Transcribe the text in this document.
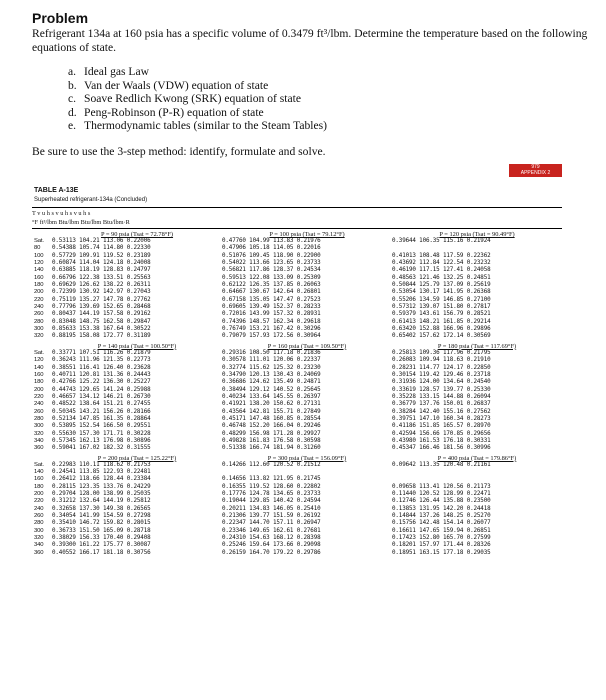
Problem

Refrigerant 134a at 160 psia has a specific volume of 0.3479 ft³/lbm. Determine the temperature based on the following equations of state.

a. Ideal gas Law
b. Van der Waals (VDW) equation of state
c. Soave Redlich Kwong (SRK) equation of state
d. Peng-Robinson (P-R) equation of state
e. Thermodynamic tables (similar to the Steam Tables)

Be sure to use the 3-step method: identify, formulate and solve.

979
APPENDIX 2
TABLE A-13E
Superheated refrigerant-134a (Concluded)
T v u h s v u h s v u h s
°F ft³/lbm Btu/lbm Btu/lbm Btu/lbm·R
P = 90 psia (Tsat = 72.78°F)	P = 100 psia (Tsat = 79.12°F)	P = 120 psia (Tsat = 90.49°F)
Sat.	0.53113 104.21 113.06 0.22006	0.47760 104.99 113.83 0.21976	0.39644 106.35 115.16 0.21924
80	0.54388 105.74 114.80 0.22330	0.47906 105.18 114.05 0.22016
100	0.57729 109.91 119.52 0.23189	0.51076 109.45 118.90 0.22900	0.41013 108.48 117.59 0.22362
120	0.60874 114.04 124.18 0.24008	0.54022 113.66 123.65 0.23733	0.43692 112.84 122.54 0.23232
140	0.63885 118.19 128.83 0.24797	0.56821 117.86 128.37 0.24534	0.46190 117.15 127.41 0.24058
160	0.66796 122.38 133.51 0.25563	0.59513 122.08 133.09 0.25309	0.48563 121.46 132.25 0.24851
180	0.69629 126.62 138.22 0.26311	0.62122 126.35 137.85 0.26063	0.50844 125.79 137.09 0.25619
200	0.72399 130.92 142.97 0.27043	0.64667 130.67 142.64 0.26801	0.53054 130.17 141.95 0.26368
220	0.75119 135.27 147.78 0.27762	0.67158 135.05 147.47 0.27523	0.55206 134.59 146.85 0.27100
240	0.77796 139.69 152.65 0.28468	0.69605 139.49 152.37 0.28233	0.57312 139.07 151.80 0.27817
260	0.80437 144.19 157.58 0.29162	0.72016 143.99 157.32 0.28931	0.59379 143.61 156.79 0.28521
280	0.83048 148.75 162.58 0.29847	0.74396 148.57 162.34 0.29618	0.61413 148.21 161.85 0.29214
300	0.85633 153.38 167.64 0.30522	0.76749 153.21 167.42 0.30296	0.63420 152.88 166.96 0.29896
320	0.88195 158.08 172.77 0.31189	0.79079 157.93 172.56 0.30964	0.65402 157.62 172.14 0.30569
P = 140 psia (Tsat = 100.50°F)	P = 160 psia (Tsat = 109.50°F)	P = 180 psia (Tsat = 117.69°F)
Sat.	0.33771 107.51 116.26 0.21879	0.29316 108.50 117.18 0.21836	0.25813 109.36 117.96 0.21795
120	0.36243 111.96 121.35 0.22773	0.30578 111.01 120.06 0.22337	0.26083 109.94 118.63 0.21910
140	0.38551 116.41 126.40 0.23628	0.32774 115.62 125.32 0.23230	0.28231 114.77 124.17 0.22850
160	0.40711 120.81 131.36 0.24443	0.34790 120.13 130.43 0.24069	0.30154 119.42 129.46 0.23718
180	0.42766 125.22 136.30 0.25227	0.36686 124.62 135.49 0.24871	0.31936 124.00 134.64 0.24540
200	0.44743 129.65 141.24 0.25988	0.38494 129.12 140.52 0.25645	0.33619 128.57 139.77 0.25330
220	0.46657 134.12 146.21 0.26730	0.40234 133.64 145.55 0.26397	0.35228 133.15 144.88 0.26094
240	0.48522 138.64 151.21 0.27455	0.41921 138.20 150.62 0.27131	0.36779 137.76 150.01 0.26837
260	0.50345 143.21 156.26 0.28166	0.43564 142.81 155.71 0.27849	0.38284 142.40 155.16 0.27562
280	0.52134 147.85 161.35 0.28864	0.45171 147.48 160.85 0.28554	0.39751 147.10 160.34 0.28273
300	0.53895 152.54 166.50 0.29551	0.46748 152.20 166.04 0.29246	0.41186 151.85 165.57 0.28970
320	0.55630 157.30 171.71 0.30228	0.48299 156.98 171.28 0.29927	0.42594 156.66 170.85 0.29656
340	0.57345 162.13 176.98 0.30896	0.49828 161.83 176.58 0.30598	0.43980 161.53 176.18 0.30331
360	0.59041 167.02 182.32 0.31555	0.51338 166.74 181.94 0.31260	0.45347 166.46 181.56 0.30996
P = 200 psia (Tsat = 125.22°F)	P = 300 psia (Tsat = 156.09°F)	P = 400 psia (Tsat = 179.86°F)
Sat.	0.22983 110.11 118.62 0.21753	0.14266 112.60 120.52 0.21512	0.09642 113.35 120.48 0.21161
140	0.24541 113.85 122.93 0.22481
160	0.26412 118.66 128.44 0.23384	0.14656 113.82 121.95 0.21745
180	0.28115 123.35 133.76 0.24229	0.16355 119.52 128.60 0.22802	0.09658 113.41 120.56 0.21173
200	0.29704 128.00 138.99 0.25035	0.17776 124.78 134.65 0.23733	0.11440 120.52 128.99 0.22471
220	0.31212 132.64 144.19 0.25812	0.19044 129.85 140.42 0.24594	0.12746 126.44 135.88 0.23500
240	0.32658 137.30 149.38 0.26565	0.20211 134.83 146.05 0.25410	0.13853 131.95 142.20 0.24418
260	0.34054 141.99 154.59 0.27298	0.21306 139.77 151.59 0.26192	0.14844 137.26 148.25 0.25270
280	0.35410 146.72 159.82 0.28015	0.22347 144.70 157.11 0.26947	0.15756 142.48 154.14 0.26077
300	0.36733 151.50 165.09 0.28718	0.23346 149.65 162.61 0.27681	0.16611 147.65 159.94 0.26851
320	0.38029 156.33 170.40 0.29408	0.24310 154.63 168.12 0.28398	0.17423 152.80 165.70 0.27599
340	0.39300 161.22 175.77 0.30087	0.25246 159.64 173.66 0.29098	0.18201 157.97 171.44 0.28326
360	0.40552 166.17 181.18 0.30756	0.26159 164.70 179.22 0.29786	0.18951 163.15 177.18 0.29035
